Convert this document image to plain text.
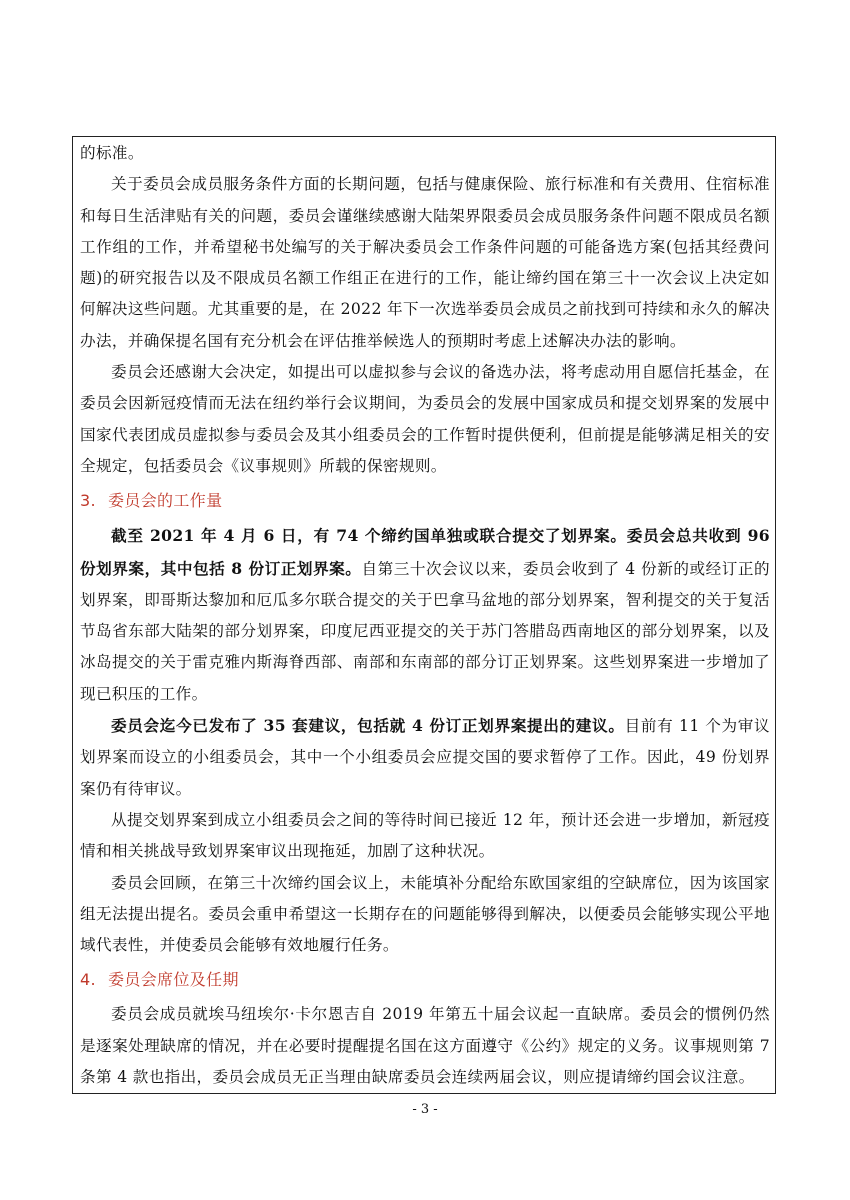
的标准。

关于委员会成员服务条件方面的长期问题，包括与健康保险、旅行标准和有关费用、住宿标准和每日生活津贴有关的问题，委员会谨继续感谢大陆架界限委员会成员服务条件问题不限成员名额工作组的工作，并希望秘书处编写的关于解决委员会工作条件问题的可能备选方案(包括其经费问题)的研究报告以及不限成员名额工作组正在进行的工作，能让缔约国在第三十一次会议上决定如何解决这些问题。尤其重要的是，在 2022 年下一次选举委员会成员之前找到可持续和永久的解决办法，并确保提名国有充分机会在评估推举候选人的预期时考虑上述解决办法的影响。

委员会还感谢大会决定，如提出可以虚拟参与会议的备选办法，将考虑动用自愿信托基金，在委员会因新冠疫情而无法在纽约举行会议期间，为委员会的发展中国家成员和提交划界案的发展中国家代表团成员虚拟参与委员会及其小组委员会的工作暂时提供便利，但前提是能够满足相关的安全规定，包括委员会《议事规则》所载的保密规则。

3. 委员会的工作量

截至 2021 年 4 月 6 日，有 74 个缔约国单独或联合提交了划界案。委员会总共收到 96 份划界案，其中包括 8 份订正划界案。自第三十次会议以来，委员会收到了 4 份新的或经订正的划界案，即哥斯达黎加和厄瓜多尔联合提交的关于巴拿马盆地的部分划界案，智利提交的关于复活节岛省东部大陆架的部分划界案，印度尼西亚提交的关于苏门答腊岛西南地区的部分划界案，以及冰岛提交的关于雷克雅内斯海脊西部、南部和东南部的部分订正划界案。这些划界案进一步增加了现已积压的工作。

委员会迄今已发布了 35 套建议，包括就 4 份订正划界案提出的建议。目前有 11 个为审议划界案而设立的小组委员会，其中一个小组委员会应提交国的要求暂停了工作。因此，49 份划界案仍有待审议。

从提交划界案到成立小组委员会之间的等待时间已接近 12 年，预计还会进一步增加，新冠疫情和相关挑战导致划界案审议出现拖延，加剧了这种状况。

委员会回顾，在第三十次缔约国会议上，未能填补分配给东欧国家组的空缺席位，因为该国家组无法提出提名。委员会重申希望这一长期存在的问题能够得到解决，以便委员会能够实现公平地域代表性，并使委员会能够有效地履行任务。

4. 委员会席位及任期

委员会成员就埃马纽埃尔·卡尔恩吉自 2019 年第五十届会议起一直缺席。委员会的惯例仍然是逐案处理缺席的情况，并在必要时提醒提名国在这方面遵守《公约》规定的义务。议事规则第 7 条第 4 款也指出，委员会成员无正当理由缺席委员会连续两届会议，则应提请缔约国会议注意。

- 3 -
